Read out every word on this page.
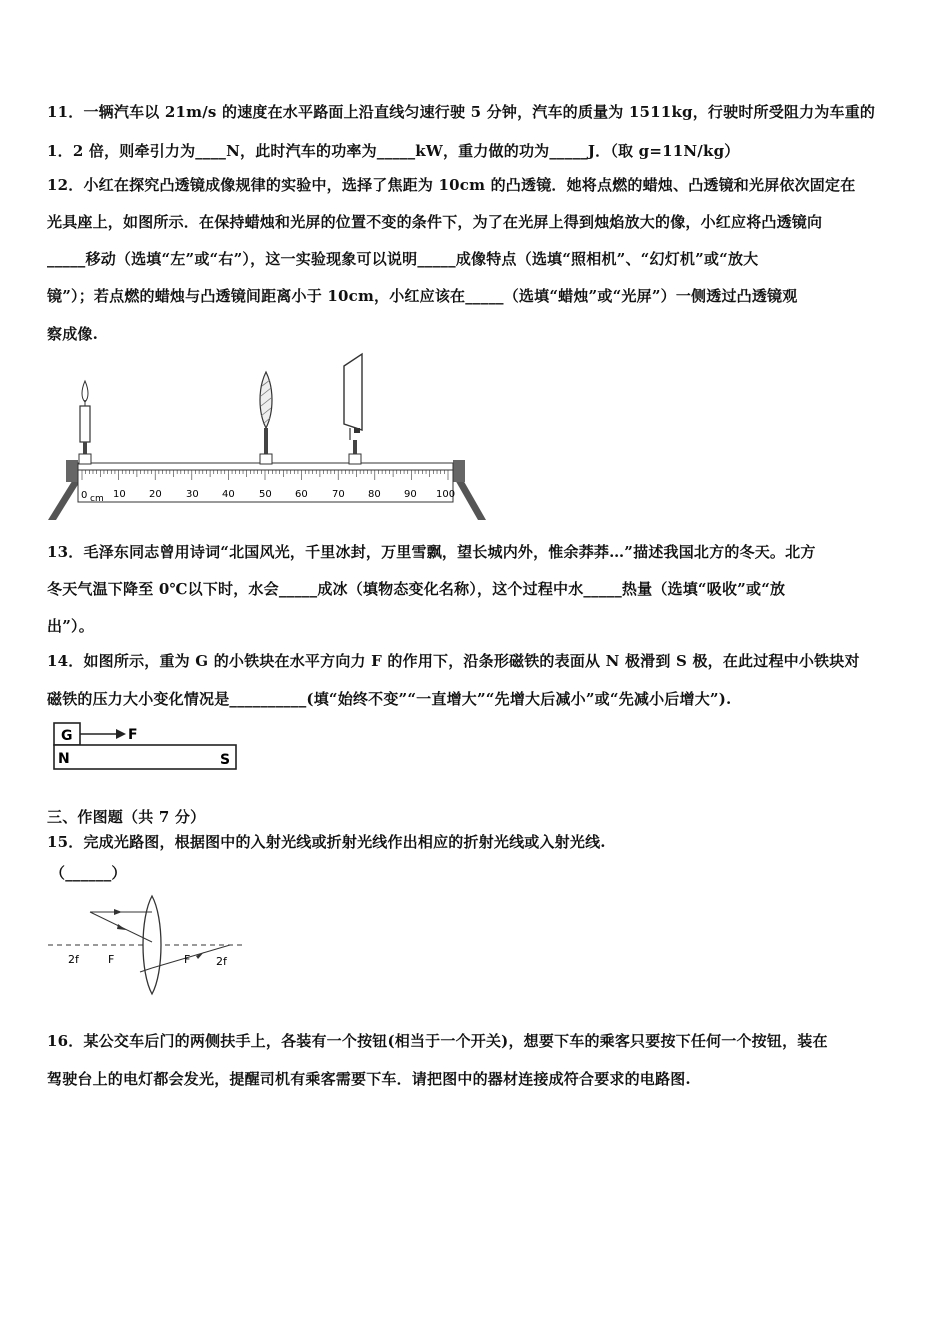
11．一辆汽车以 21m/s 的速度在水平路面上沿直线匀速行驶 5 分钟，汽车的质量为 1511kg，行驶时所受阻力为车重的
1．2 倍，则牵引力为____N，此时汽车的功率为_____kW，重力做的功为_____J．（取 g=11N/kg）
12．小红在探究凸透镜成像规律的实验中，选择了焦距为 10cm 的凸透镜．她将点燃的蜡烛、凸透镜和光屏依次固定在
光具座上，如图所示．在保持蜡烛和光屏的位置不变的条件下，为了在光屏上得到烛焰放大的像，小红应将凸透镜向
_____移动（选填“左”或“右”），这一实验现象可以说明_____成像特点（选填“照相机”、“幻灯机”或“放大
镜”）；若点燃的蜡烛与凸透镜间距离小于 10cm，小红应该在_____（选填“蜡烛”或“光屏”）一侧透过凸透镜观
察成像.
0 cm 10 20 30 40 50 60 70 80 90 100
13．毛泽东同志曾用诗词“北国风光，千里冰封，万里雪飘，望长城内外，惟余莽莽…”描述我国北方的冬天。北方
冬天气温下降至 0℃以下时，水会_____成冰（填物态变化名称），这个过程中水_____热量（选填“吸收”或“放
出”）。
14．如图所示，重为 G 的小铁块在水平方向力 F 的作用下，沿条形磁铁的表面从 N 极滑到 S 极，在此过程中小铁块对
磁铁的压力大小变化情况是__________(填“始终不变”“一直增大”“先增大后减小”或“先减小后增大”).
G	F
N	S
三、作图题（共 7 分）
15．完成光路图，根据图中的入射光线或折射光线作出相应的折射光线或入射光线.
（______）
2f	F	F 2f
16．某公交车后门的两侧扶手上，各装有一个按钮(相当于一个开关)，想要下车的乘客只要按下任何一个按钮，装在
驾驶台上的电灯都会发光，提醒司机有乘客需要下车．请把图中的器材连接成符合要求的电路图.
